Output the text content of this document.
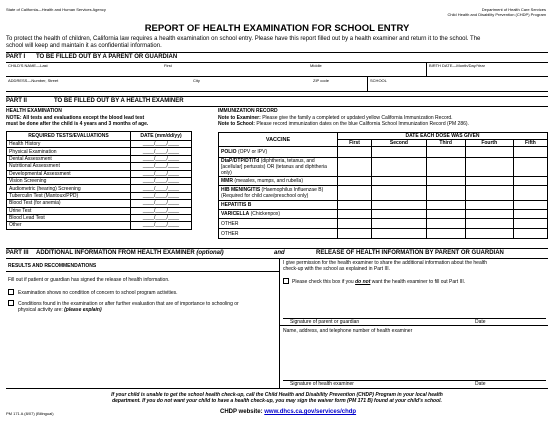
State of California—Health and Human Services Agency	Department of Health Care Services
Child Health and Disability Prevention (CHDP) Program
REPORT OF HEALTH EXAMINATION FOR SCHOOL ENTRY
To protect the health of children, California law requires a health examination on school entry. Please have this report filled out by a health examiner and return it to the school. The
school will keep and maintain it as confidential information.
PART I TO BE FILLED OUT BY A PARENT OR GUARDIAN
CHILD'S NAME—Last	First	Middle	BIRTH DATE—Month/Day/Year
ADDRESS—Number, Street	City	ZIP code	SCHOOL
PART II	TO BE FILLED OUT BY A HEALTH EXAMINER
HEALTH EXAMINATION
NOTE: All tests and evaluations except the blood lead test
must be done after the child is 4 years and 3 months of age.
REQUIRED TESTS/EVALUATIONS	DATE (mm/dd/yy)
Health History	____/____/____
Physical Examination	____/____/____
Dental Assessment	____/____/____
Nutritional Assessment	____/____/____
Developmental Assessment	____/____/____
Vision Screening	____/____/____
Audiometric (hearing) Screening	____/____/____
Tuberculin Test (Mantoux/PPD)	____/____/____
Blood Test (for anemia)	____/____/____
Urine Test	____/____/____
Blood Lead Test	____/____/____
Other	____/____/____
IMMUNIZATION RECORD
Note to Examiner: Please give the family a completed or updated yellow California Immunization Record.
Note to School: Please record immunization dates on the blue California School Immunization Record (PM 286).
VACCINE	DATE EACH DOSE WAS GIVEN				
	First	Second	Third	Fourth	Fifth
POLIO (OPV or IPV)					
DtaP/DTP/DT/Td (diphtheria, tetanus, and [acellular] pertussis) OR (tetanus and diphtheria only)					
MMR (measles, mumps, and rubella)					
HIB MENINGITIS (Haemophilus Influenzae B) (Required for child care/preschool only)					
HEPATITIS B					
VARICELLA (Chickenpox)					
OTHER					
OTHER					
PART III ADDITIONAL INFORMATION FROM HEALTH EXAMINER (optional)	and	RELEASE OF HEALTH INFORMATION BY PARENT OR GUARDIAN
RESULTS AND RECOMMENDATIONS
Fill out if patient or guardian has signed the release of health information.
Examination shows no condition of concern to school program activities.
Conditions found in the examination or after further evaluation that are of importance to schooling or
physical activity are: (please explain)
I give permission for the health examiner to share the additional information about the health
check-up with the school as explained in Part III.
Please check this box if you do not want the health examiner to fill out Part III.
Signature of parent or guardian	Date
Name, address, and telephone number of health examiner
Signature of health examiner	Date
If your child is unable to get the school health check-up, call the Child Health and Disability Prevention (CHDP) Program in your local health
department. If you do not want your child to have a health check-up, you may sign the waiver form (PM 171 B) found at your child's school.
PM 171 A (8/07) (Bilingual)	CHDP website: www.dhcs.ca.gov/services/chdp
